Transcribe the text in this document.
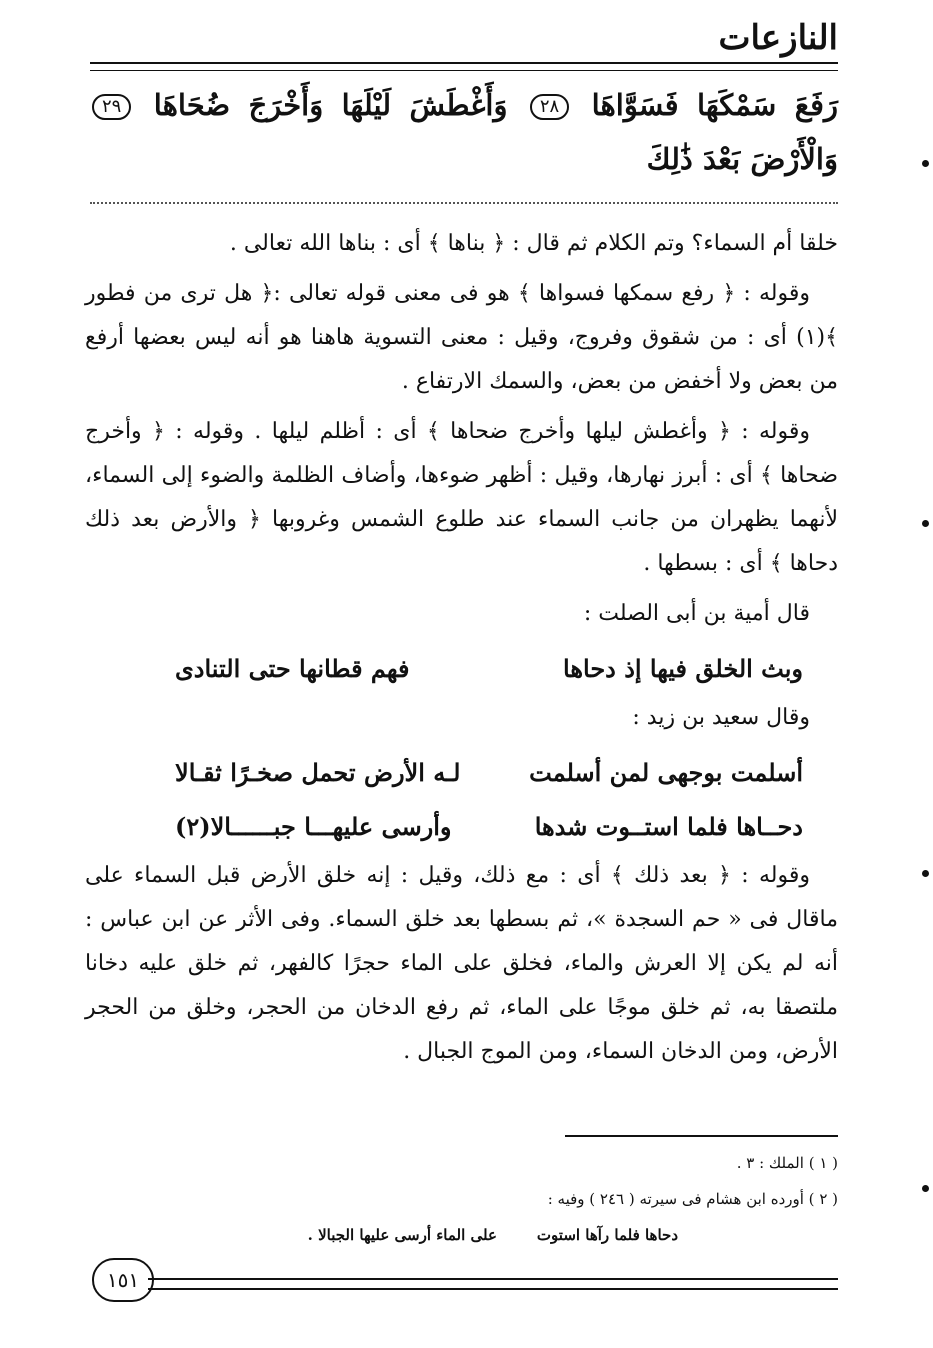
النازعات
رَفَعَ سَمْكَهَا فَسَوَّاهَا ٢٨ وَأَغْطَشَ لَيْلَهَا وَأَخْرَجَ ضُحَاهَا ٢٩ وَالْأَرْضَ بَعْدَ ذَٰلِكَ

خلقا أم السماء؟ وتم الكلام ثم قال : ﴿ بناها ﴾ أى : بناها الله تعالى .

وقوله : ﴿ رفع سمكها فسواها ﴾ هو فى معنى قوله تعالى :﴿ هل ترى من فطور ﴾(١) أى : من شقوق وفروج، وقيل : معنى التسوية هاهنا هو أنه ليس بعضها أرفع من بعض ولا أخفض من بعض، والسمك الارتفاع .

وقوله : ﴿ وأغطش ليلها وأخرج ضحاها ﴾ أى : أظلم ليلها . وقوله : ﴿ وأخرج ضحاها ﴾ أى : أبرز نهارها، وقيل : أظهر ضوءها، وأضاف الظلمة والضوء إلى السماء، لأنهما يظهران من جانب السماء عند طلوع الشمس وغروبها ﴿ والأرض بعد ذلك دحاها ﴾ أى : بسطها .

قال أمية بن أبى الصلت :

وبث الخلق فيها إذ دحاها
فهم قطانها حتى التنادى

وقال سعيد بن زيد :

أسلمت بوجهى لمن أسلمت
لـه الأرض تحمل صخـرًا ثقـالا
دحــاها فلما استــوت شدها
وأرسى عليهـــا جبــــــالا(٢)

وقوله : ﴿ بعد ذلك ﴾ أى : مع ذلك، وقيل : إنه خلق الأرض قبل السماء على ماقال فى « حم السجدة »، ثم بسطها بعد خلق السماء. وفى الأثر عن ابن عباس : أنه لم يكن إلا العرش والماء، فخلق على الماء حجرًا كالفهر، ثم خلق عليه دخانا ملتصقا به، ثم خلق موجًا على الماء، ثم رفع الدخان من الحجر، وخلق من الحجر الأرض، ومن الدخان السماء، ومن الموج الجبال .

( ١ ) الملك : ٣ .

( ٢ ) أورده ابن هشام فى سيرته ( ٢٤٦ ) وفيه :

دحاها فلما رآها استوت
على الماء أرسى عليها الجبالا .
١٥١
